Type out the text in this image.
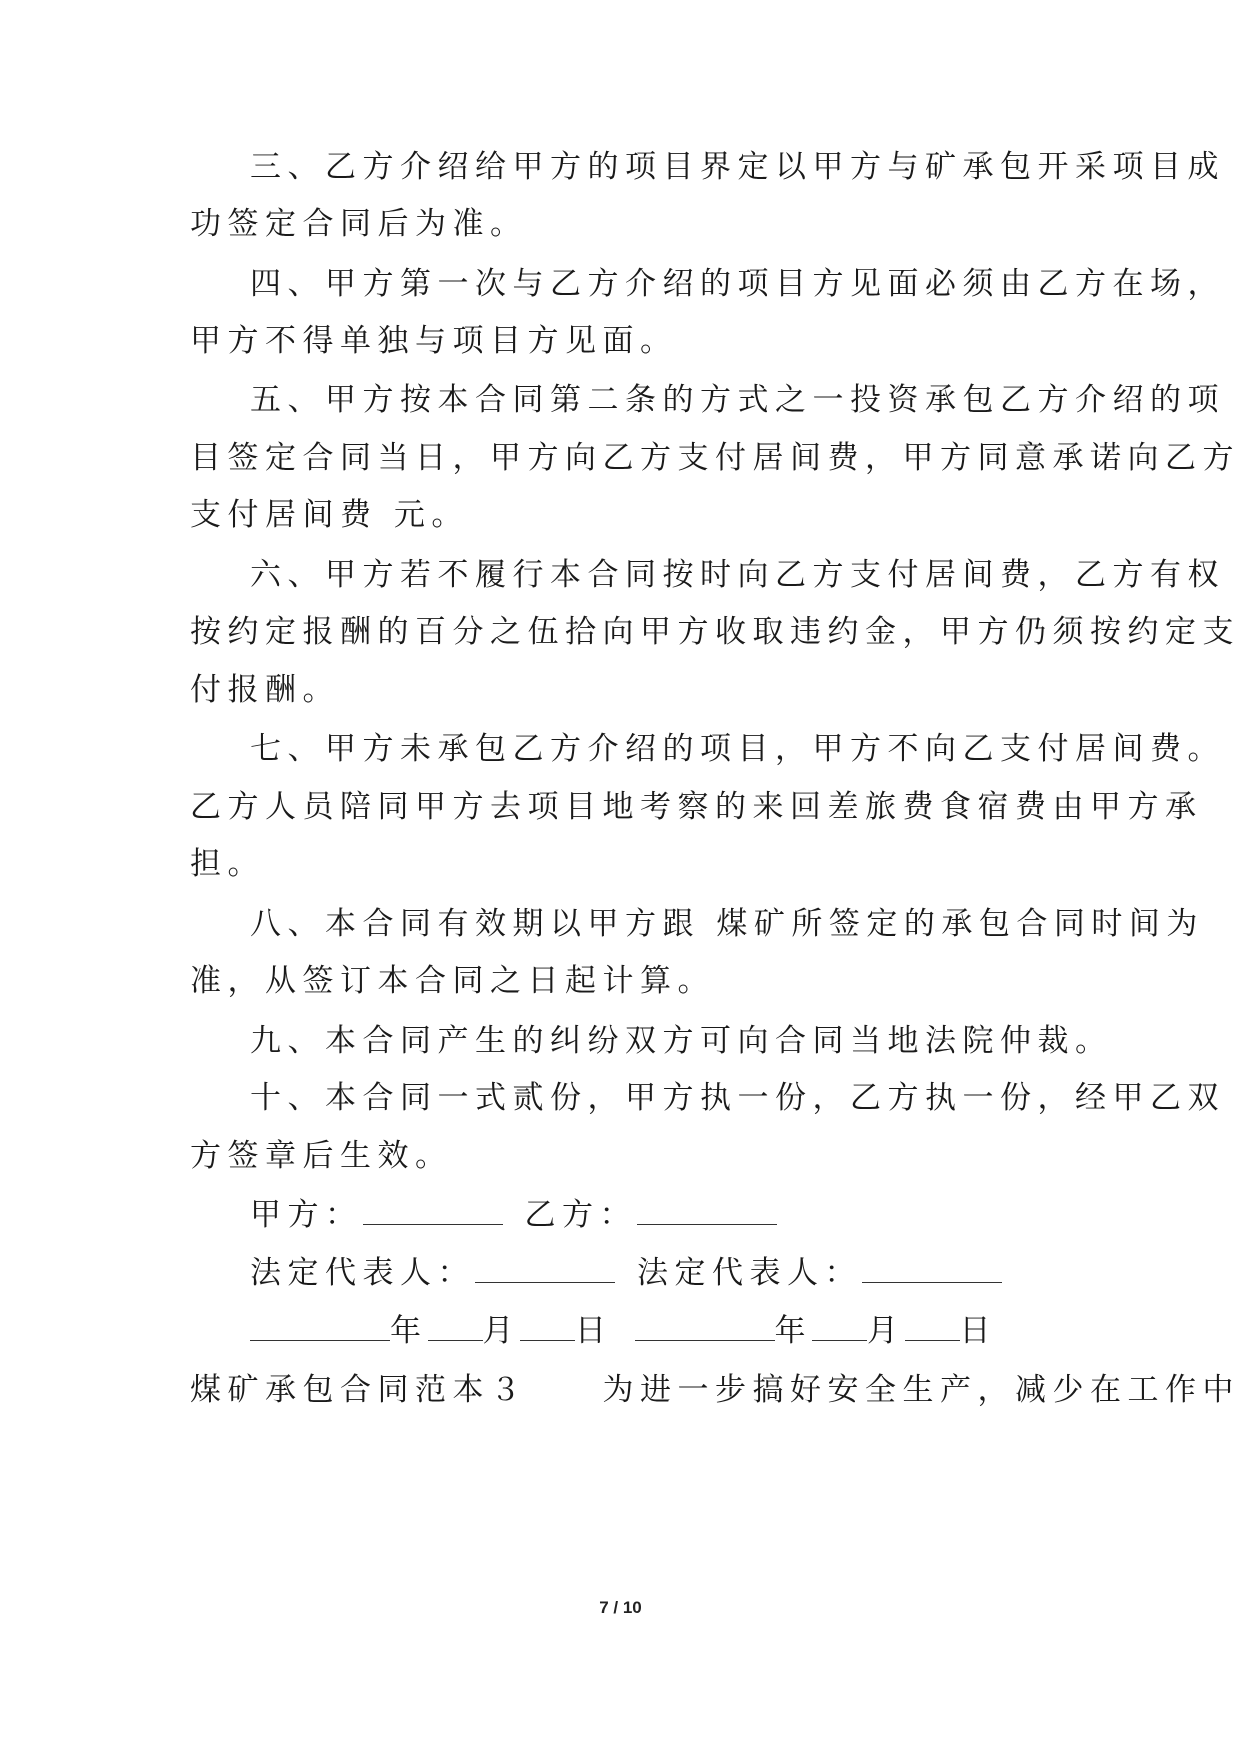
三、乙方介绍给甲方的项目界定以甲方与矿承包开采项目成
功签定合同后为准。
四、甲方第一次与乙方介绍的项目方见面必须由乙方在场，
甲方不得单独与项目方见面。
五、甲方按本合同第二条的方式之一投资承包乙方介绍的项
目签定合同当日，甲方向乙方支付居间费，甲方同意承诺向乙方
支付居间费 元。
六、甲方若不履行本合同按时向乙方支付居间费，乙方有权
按约定报酬的百分之伍拾向甲方收取违约金，甲方仍须按约定支
付报酬。
七、甲方未承包乙方介绍的项目，甲方不向乙支付居间费。
乙方人员陪同甲方去项目地考察的来回差旅费食宿费由甲方承
担。
八、本合同有效期以甲方跟 煤矿所签定的承包合同时间为
准，从签订本合同之日起计算。
九、本合同产生的纠纷双方可向合同当地法院仲裁。
十、本合同一式贰份，甲方执一份，乙方执一份，经甲乙双
方签章后生效。
甲方：	乙方：
法定代表人：	法定代表人：
年 月 日	年 月 日
煤矿承包合同范本３　　为进一步搞好安全生产，减少在工作中
7 / 10
